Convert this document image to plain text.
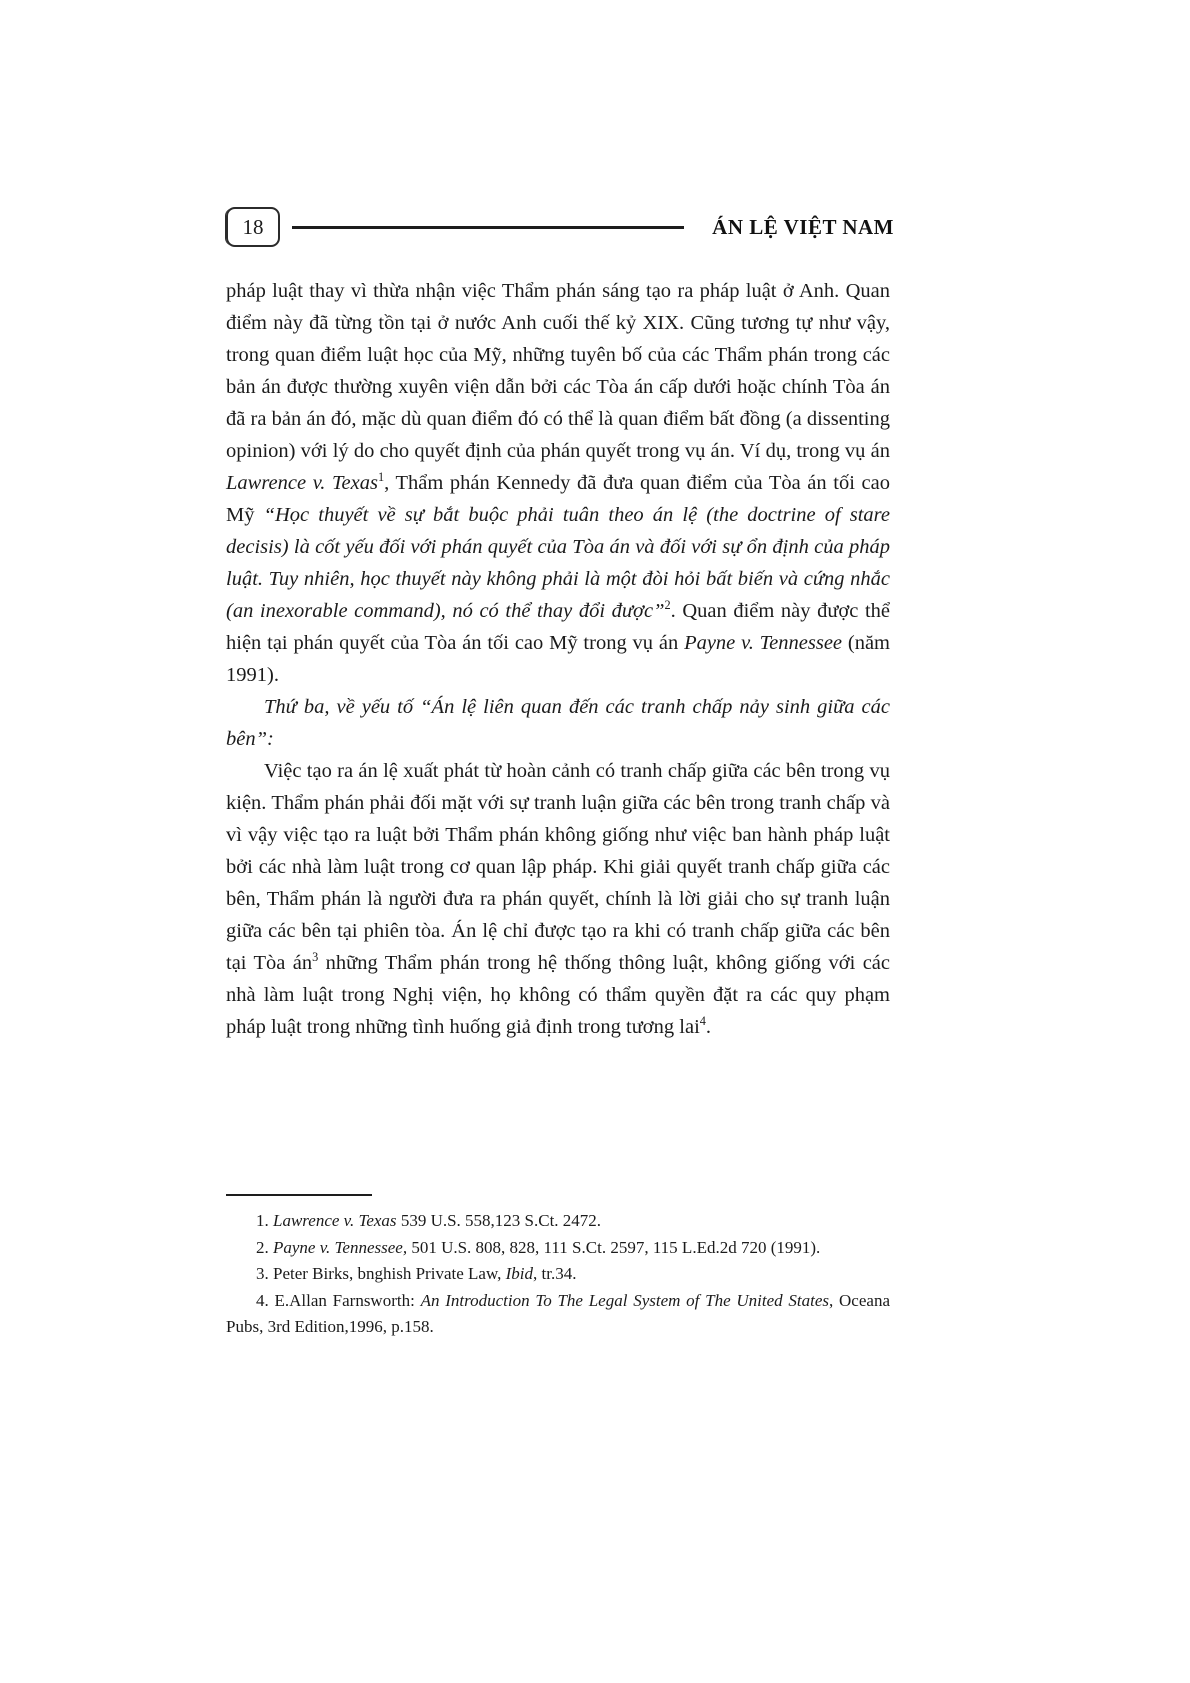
18	ÁN LỆ VIỆT NAM

pháp luật thay vì thừa nhận việc Thẩm phán sáng tạo ra pháp luật ở Anh. Quan điểm này đã từng tồn tại ở nước Anh cuối thế kỷ XIX. Cũng tương tự như vậy, trong quan điểm luật học của Mỹ, những tuyên bố của các Thẩm phán trong các bản án được thường xuyên viện dẫn bởi các Tòa án cấp dưới hoặc chính Tòa án đã ra bản án đó, mặc dù quan điểm đó có thể là quan điểm bất đồng (a dissenting opinion) với lý do cho quyết định của phán quyết trong vụ án. Ví dụ, trong vụ án Lawrence v. Texas$^1$, Thẩm phán Kennedy đã đưa quan điểm của Tòa án tối cao Mỹ “Học thuyết về sự bắt buộc phải tuân theo án lệ (the doctrine of stare decisis) là cốt yếu đối với phán quyết của Tòa án và đối với sự ổn định của pháp luật. Tuy nhiên, học thuyết này không phải là một đòi hỏi bất biến và cứng nhắc (an inexorable command), nó có thể thay đổi được”$^2$. Quan điểm này được thể hiện tại phán quyết của Tòa án tối cao Mỹ trong vụ án Payne v. Tennessee (năm 1991).

Thứ ba, về yếu tố “Án lệ liên quan đến các tranh chấp nảy sinh giữa các bên”:

Việc tạo ra án lệ xuất phát từ hoàn cảnh có tranh chấp giữa các bên trong vụ kiện. Thẩm phán phải đối mặt với sự tranh luận giữa các bên trong tranh chấp và vì vậy việc tạo ra luật bởi Thẩm phán không giống như việc ban hành pháp luật bởi các nhà làm luật trong cơ quan lập pháp. Khi giải quyết tranh chấp giữa các bên, Thẩm phán là người đưa ra phán quyết, chính là lời giải cho sự tranh luận giữa các bên tại phiên tòa. Án lệ chỉ được tạo ra khi có tranh chấp giữa các bên tại Tòa $án^3$ những Thẩm phán trong hệ thống thông luật, không giống với các nhà làm luật trong Nghị viện, họ không có thẩm quyền đặt ra các quy phạm pháp luật trong những tình huống giả định trong tương lai$^4$.

1. Lawrence v. Texas 539 U.S. 558,123 S.Ct. 2472.

2. Payne v. Tennessee, 501 U.S. 808, 828, 111 S.Ct. 2597, 115 L.Ed.2d 720 (1991).

3. Peter Birks, bnghish Private Law, Ibid, tr.34.

4. E.Allan Farnsworth: An Introduction To The Legal System of The United States, Oceana Pubs, 3rd Edition,1996, p.158.
